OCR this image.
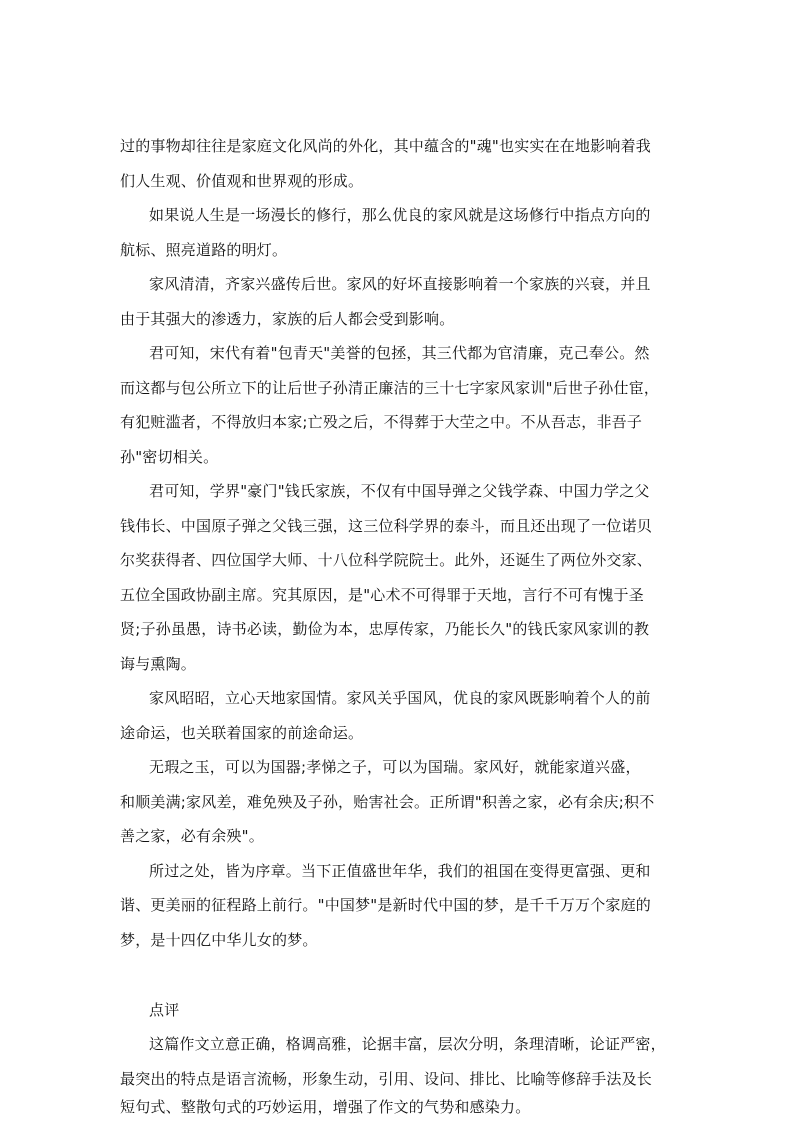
过的事物却往往是家庭文化风尚的外化，其中蕴含的"魂"也实实在在地影响着我
们人生观、价值观和世界观的形成。
如果说人生是一场漫长的修行，那么优良的家风就是这场修行中指点方向的
航标、照亮道路的明灯。
家风清清，齐家兴盛传后世。家风的好坏直接影响着一个家族的兴衰，并且
由于其强大的渗透力，家族的后人都会受到影响。
君可知，宋代有着"包青天"美誉的包拯，其三代都为官清廉，克己奉公。然
而这都与包公所立下的让后世子孙清正廉洁的三十七字家风家训"后世子孙仕宦，
有犯赃滥者，不得放归本家;亡殁之后，不得葬于大茔之中。不从吾志，非吾子
孙"密切相关。
君可知，学界"豪门"钱氏家族，不仅有中国导弹之父钱学森、中国力学之父
钱伟长、中国原子弹之父钱三强，这三位科学界的泰斗，而且还出现了一位诺贝
尔奖获得者、四位国学大师、十八位科学院院士。此外，还诞生了两位外交家、
五位全国政协副主席。究其原因，是"心术不可得罪于天地，言行不可有愧于圣
贤;子孙虽愚，诗书必读，勤俭为本，忠厚传家，乃能长久"的钱氏家风家训的教
诲与熏陶。
家风昭昭，立心天地家国情。家风关乎国风，优良的家风既影响着个人的前
途命运，也关联着国家的前途命运。
无瑕之玉，可以为国器;孝悌之子，可以为国瑞。家风好，就能家道兴盛，
和顺美满;家风差，难免殃及子孙，贻害社会。正所谓"积善之家，必有余庆;积不
善之家，必有余殃"。
所过之处，皆为序章。当下正值盛世年华，我们的祖国在变得更富强、更和
谐、更美丽的征程路上前行。"中国梦"是新时代中国的梦，是千千万万个家庭的
梦，是十四亿中华儿女的梦。
点评
这篇作文立意正确，格调高雅，论据丰富，层次分明，条理清晰，论证严密，
最突出的特点是语言流畅，形象生动，引用、设问、排比、比喻等修辞手法及长
短句式、整散句式的巧妙运用，增强了作文的气势和感染力。
